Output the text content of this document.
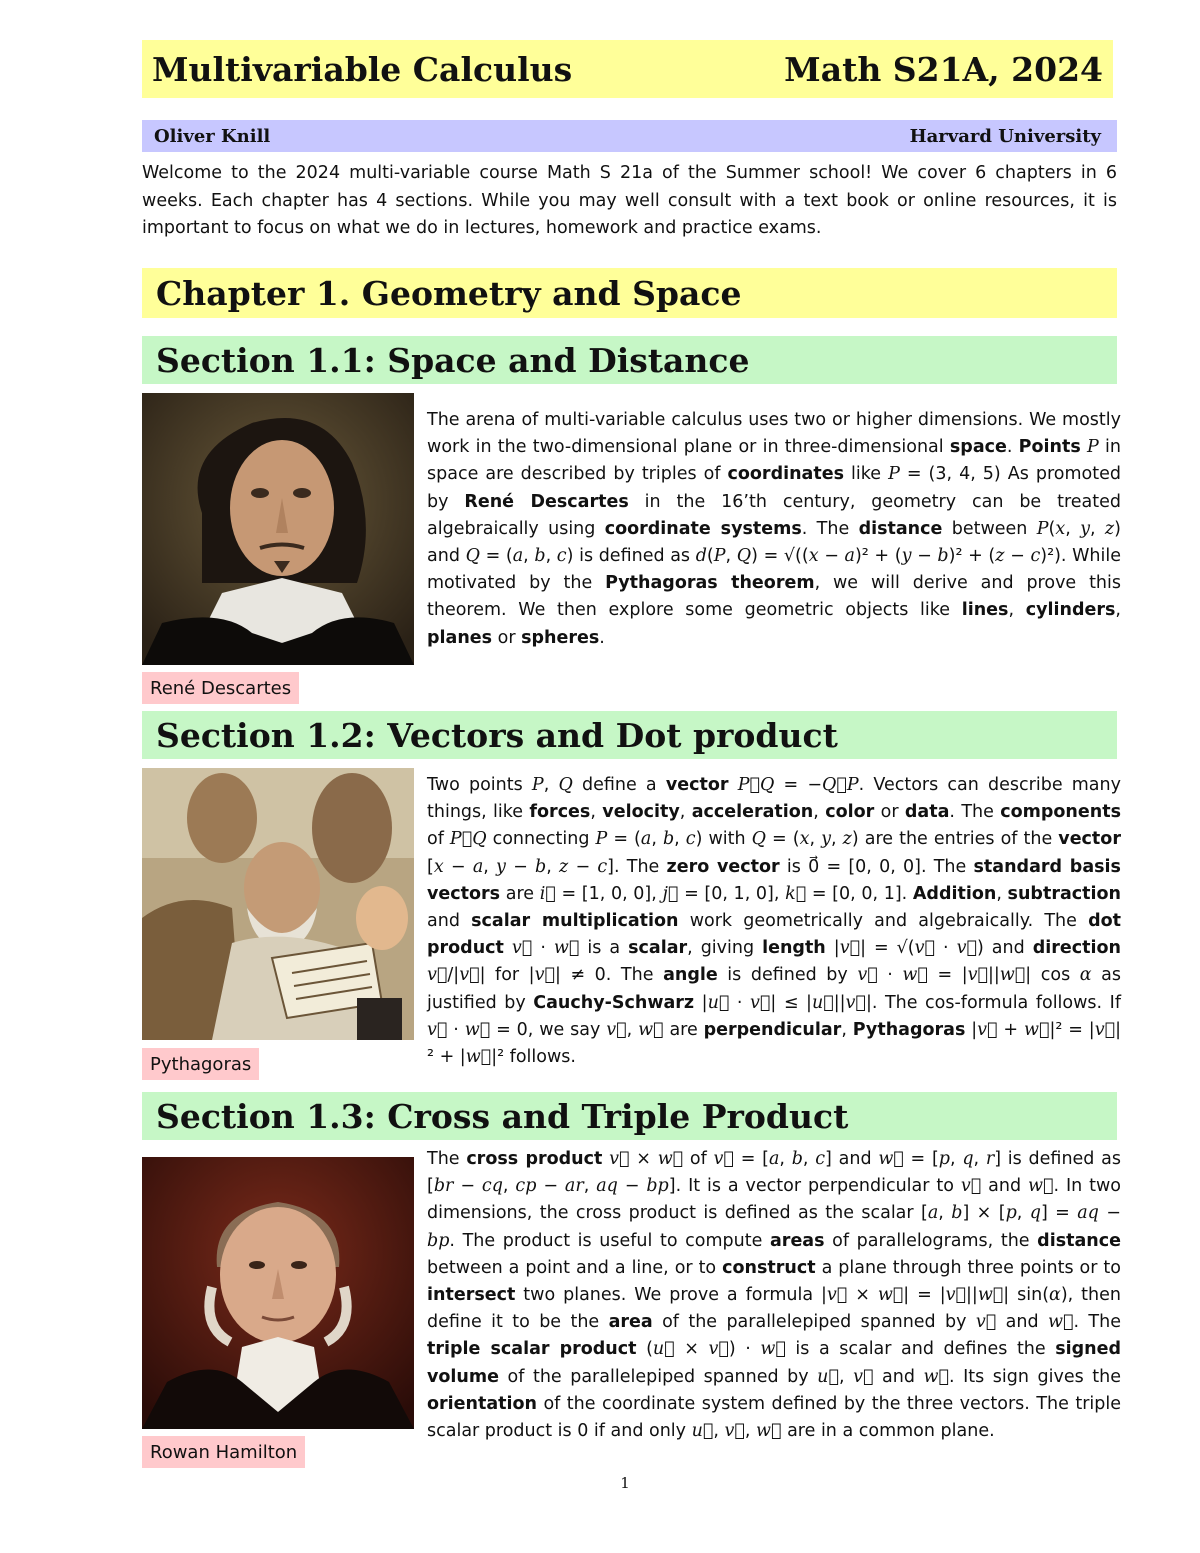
Multivariable Calculus	Math S21A, 2024
Oliver Knill	Harvard University

Welcome to the 2024 multi-variable course Math S 21a of the Summer school! We cover 6 chapters in 6 weeks. Each chapter has 4 sections. While you may well consult with a text book or online resources, it is important to focus on what we do in lectures, homework and practice exams.

Chapter 1. Geometry and Space
Section 1.1: Space and Distance
René Descartes

The arena of multi-variable calculus uses two or higher dimensions. We mostly work in the two-dimensional plane or in three-dimensional space. Points P in space are described by triples of coordinates like P = (3, 4, 5) As promoted by René Descartes in the 16’th century, geometry can be treated algebraically using coordinate systems. The distance between P(x, y, z) and Q = (a, b, c) is defined as d(P, Q) = √((x − a)² + (y − b)² + (z − c)²). While motivated by the Pythagoras theorem, we will derive and prove this theorem. We then explore some geometric objects like lines, cylinders, planes or spheres.

Section 1.2: Vectors and Dot product
Pythagoras

Two points P, Q define a vector P⃗Q = −Q⃗P. Vectors can describe many things, like forces, velocity, acceleration, color or data. The components of P⃗Q connecting P = (a, b, c) with Q = (x, y, z) are the entries of the vector [x − a, y − b, z − c]. The zero vector is 0⃗ = [0, 0, 0]. The standard basis vectors are i⃗ = [1, 0, 0], j⃗ = [0, 1, 0], k⃗ = [0, 0, 1]. Addition, subtraction and scalar multiplication work geometrically and algebraically. The dot product v⃗ · w⃗ is a scalar, giving length |v⃗| = √(v⃗ · v⃗) and direction v⃗/|v⃗| for |v⃗| ≠ 0. The angle is defined by v⃗ · w⃗ = |v⃗||w⃗| cos α as justified by Cauchy-Schwarz |u⃗ · v⃗| ≤ |u⃗||v⃗|. The cos-formula follows. If v⃗ · w⃗ = 0, we say v⃗, w⃗ are perpendicular, Pythagoras |v⃗ + w⃗|² = |v⃗|² + |w⃗|² follows.

Section 1.3: Cross and Triple Product
Rowan Hamilton

The cross product v⃗ × w⃗ of v⃗ = [a, b, c] and w⃗ = [p, q, r] is defined as [br − cq, cp − ar, aq − bp]. It is a vector perpendicular to v⃗ and w⃗. In two dimensions, the cross product is defined as the scalar [a, b] × [p, q] = aq − bp. The product is useful to compute areas of parallelograms, the distance between a point and a line, or to construct a plane through three points or to intersect two planes. We prove a formula |v⃗ × w⃗| = |v⃗||w⃗| sin(α), then define it to be the area of the parallelepiped spanned by v⃗ and w⃗. The triple scalar product (u⃗ × v⃗) · w⃗ is a scalar and defines the signed volume of the parallelepiped spanned by u⃗, v⃗ and w⃗. Its sign gives the orientation of the coordinate system defined by the three vectors. The triple scalar product is 0 if and only u⃗, v⃗, w⃗ are in a common plane.

1
